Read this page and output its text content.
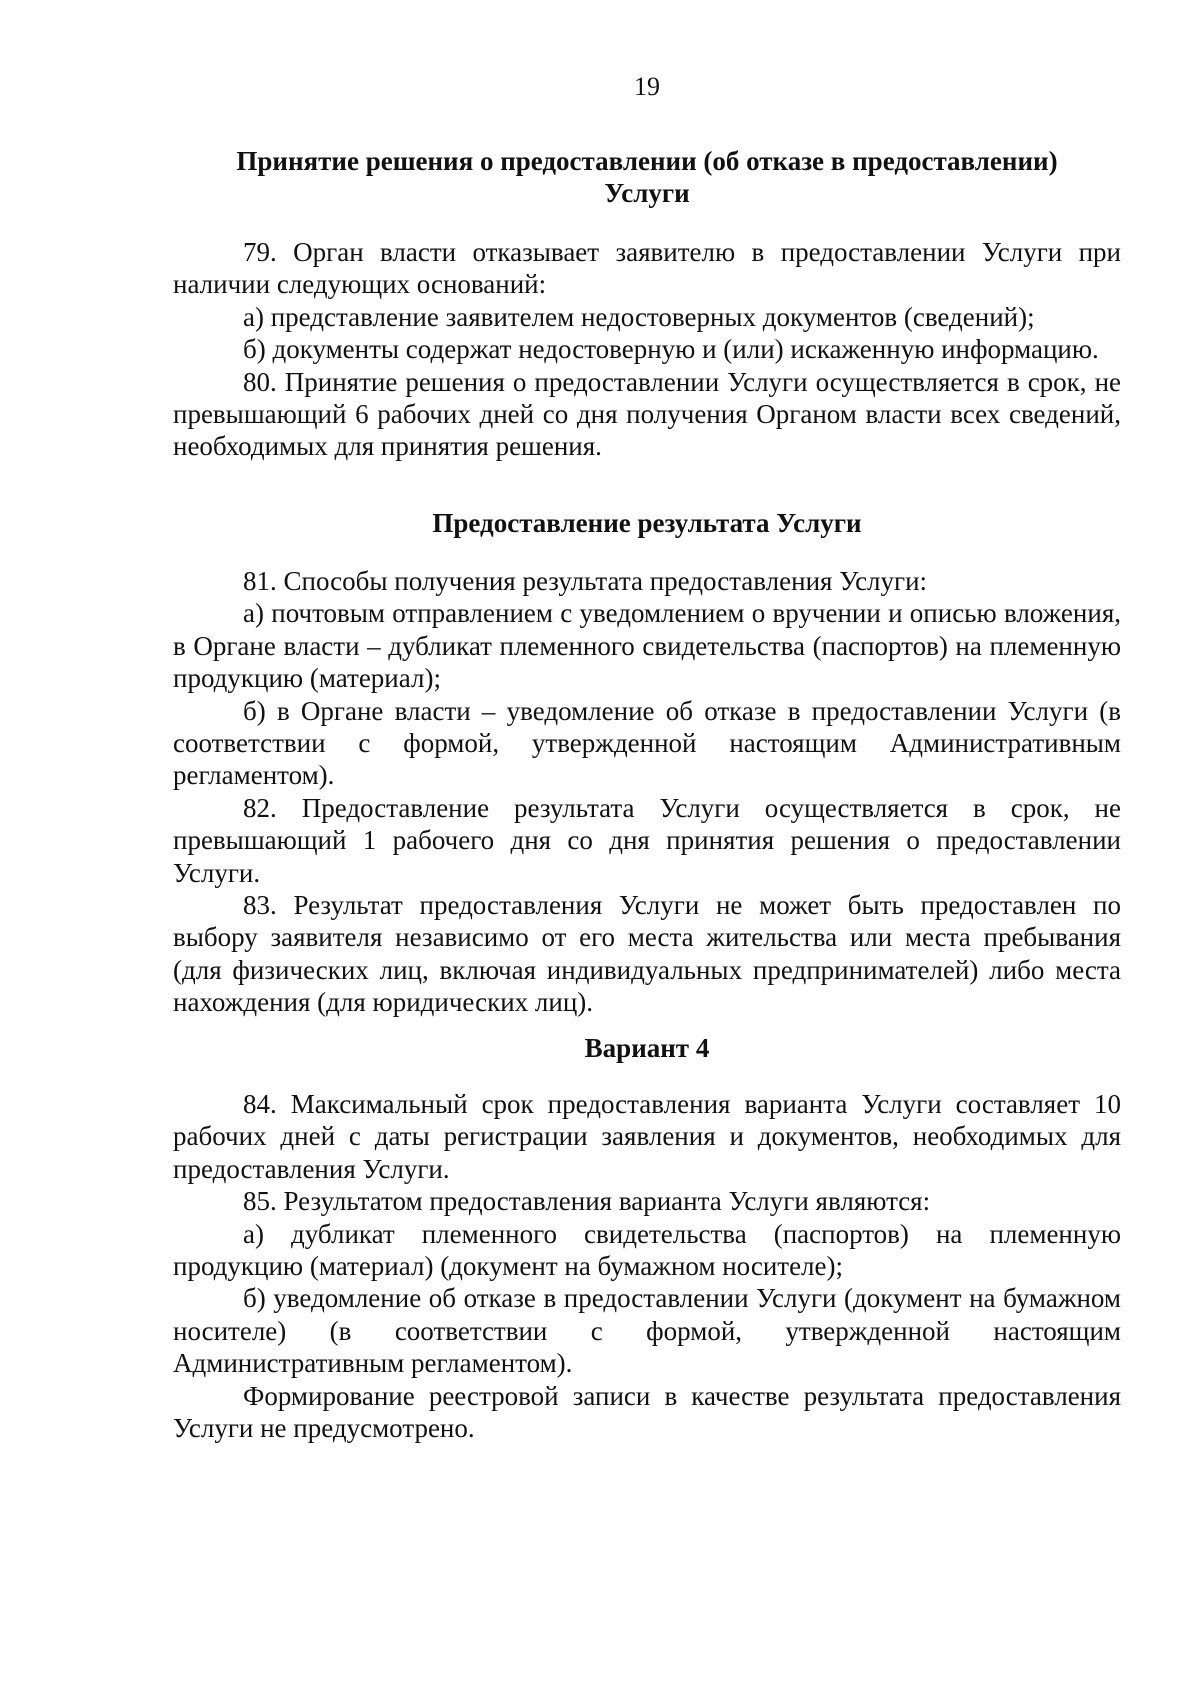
19
Принятие решения о предоставлении (об отказе в предоставлении)
Услуги

79. Орган власти отказывает заявителю в предоставлении Услуги при наличии следующих оснований:

а) представление заявителем недостоверных документов (сведений);

б) документы содержат недостоверную и (или) искаженную информацию.

80. Принятие решения о предоставлении Услуги осуществляется в срок, не превышающий 6 рабочих дней со дня получения Органом власти всех сведений, необходимых для принятия решения.

Предоставление результата Услуги

81. Способы получения результата предоставления Услуги:

а) почтовым отправлением с уведомлением о вручении и описью вложения, в Органе власти – дубликат племенного свидетельства (паспортов) на племенную продукцию (материал);

б) в Органе власти – уведомление об отказе в предоставлении Услуги (в соответствии с формой, утвержденной настоящим Административным регламентом).

82. Предоставление результата Услуги осуществляется в срок, не превышающий 1 рабочего дня со дня принятия решения о предоставлении Услуги.

83. Результат предоставления Услуги не может быть предоставлен по выбору заявителя независимо от его места жительства или места пребывания (для физических лиц, включая индивидуальных предпринимателей) либо места нахождения (для юридических лиц).

Вариант 4

84. Максимальный срок предоставления варианта Услуги составляет 10 рабочих дней с даты регистрации заявления и документов, необходимых для предоставления Услуги.

85. Результатом предоставления варианта Услуги являются:

а) дубликат племенного свидетельства (паспортов) на племенную продукцию (материал) (документ на бумажном носителе);

б) уведомление об отказе в предоставлении Услуги (документ на бумажном носителе) (в соответствии с формой, утвержденной настоящим Административным регламентом).

Формирование реестровой записи в качестве результата предоставления Услуги не предусмотрено.
